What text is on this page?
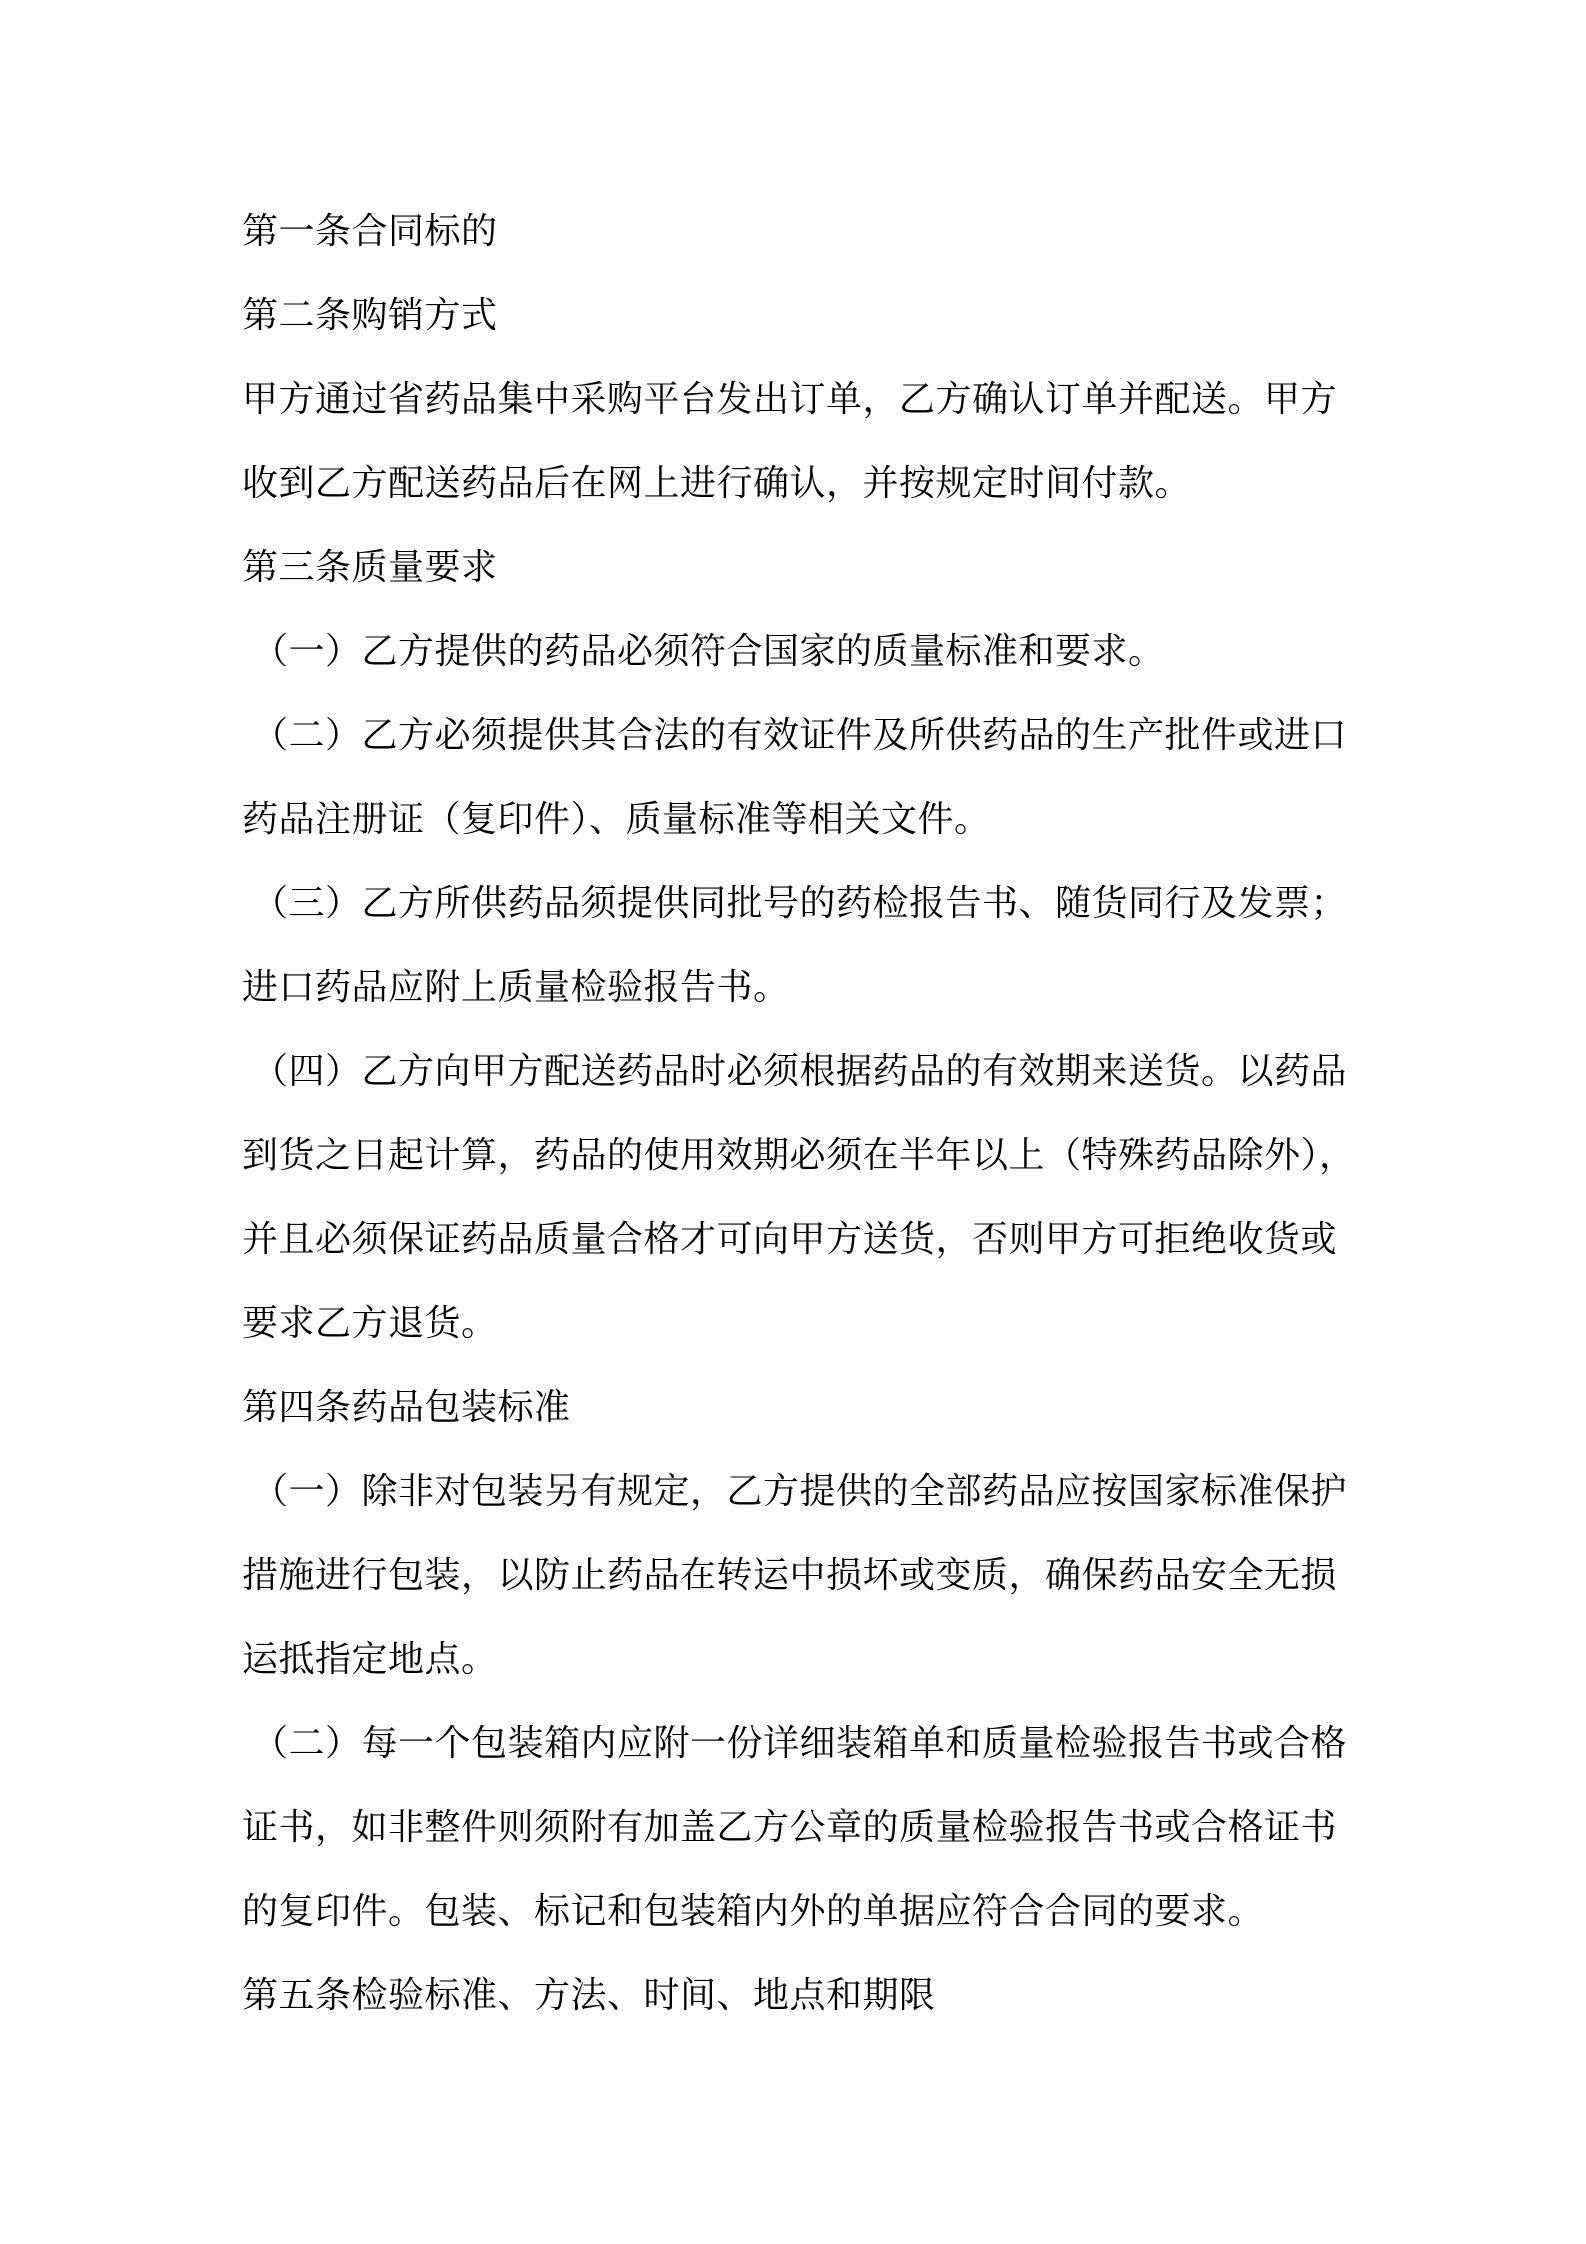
第一条合同标的
第二条购销方式
甲方通过省药品集中采购平台发出订单，乙方确认订单并配送。甲方
收到乙方配送药品后在网上进行确认，并按规定时间付款。
第三条质量要求
（一）乙方提供的药品必须符合国家的质量标准和要求。
（二）乙方必须提供其合法的有效证件及所供药品的生产批件或进口
药品注册证（复印件）、质量标准等相关文件。
（三）乙方所供药品须提供同批号的药检报告书、随货同行及发票；
进口药品应附上质量检验报告书。
（四）乙方向甲方配送药品时必须根据药品的有效期来送货。以药品
到货之日起计算，药品的使用效期必须在半年以上（特殊药品除外），
并且必须保证药品质量合格才可向甲方送货，否则甲方可拒绝收货或
要求乙方退货。
第四条药品包装标准
（一）除非对包装另有规定，乙方提供的全部药品应按国家标准保护
措施进行包装，以防止药品在转运中损坏或变质，确保药品安全无损
运抵指定地点。
（二）每一个包装箱内应附一份详细装箱单和质量检验报告书或合格
证书，如非整件则须附有加盖乙方公章的质量检验报告书或合格证书
的复印件。包装、标记和包装箱内外的单据应符合合同的要求。
第五条检验标准、方法、时间、地点和期限
